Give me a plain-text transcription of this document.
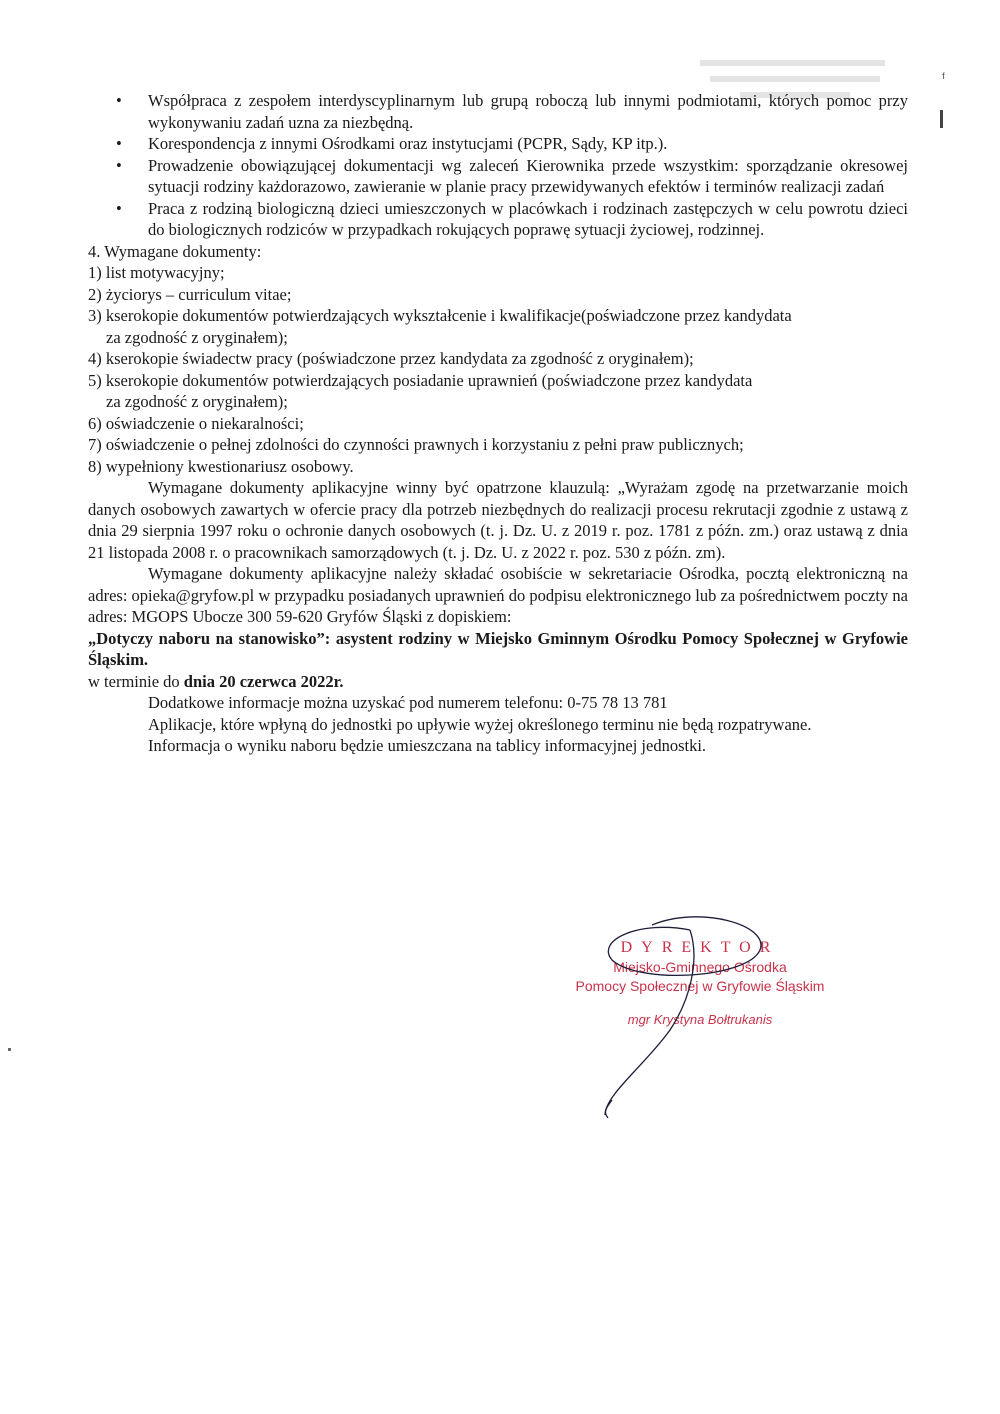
ᶠ
• Współpraca z zespołem interdyscyplinarnym lub grupą roboczą lub innymi podmiotami, których pomoc przy wykonywaniu zadań uzna za niezbędną.
• Korespondencja z innymi Ośrodkami oraz instytucjami (PCPR, Sądy, KP itp.).
• Prowadzenie obowiązującej dokumentacji wg zaleceń Kierownika przede wszystkim: sporządzanie okresowej sytuacji rodziny każdorazowo, zawieranie w planie pracy przewidywanych efektów i terminów realizacji zadań
• Praca z rodziną biologiczną dzieci umieszczonych w placówkach i rodzinach zastępczych w celu powrotu dzieci do biologicznych rodziców w przypadkach rokujących poprawę sytuacji życiowej, rodzinnej.

4. Wymagane dokumenty:

1) list motywacyjny;
2) życiorys – curriculum vitae;
3) kserokopie dokumentów potwierdzających wykształcenie i kwalifikacje(poświadczone przez kandydata za zgodność z oryginałem);
4) kserokopie świadectw pracy (poświadczone przez kandydata za zgodność z oryginałem);
5) kserokopie dokumentów potwierdzających posiadanie uprawnień (poświadczone przez kandydata za zgodność z oryginałem);
6) oświadczenie o niekaralności;
7) oświadczenie o pełnej zdolności do czynności prawnych i korzystaniu z pełni praw publicznych;
8) wypełniony kwestionariusz osobowy.

Wymagane dokumenty aplikacyjne winny być opatrzone klauzulą: „Wyrażam zgodę na przetwarzanie moich danych osobowych zawartych w ofercie pracy dla potrzeb niezbędnych do realizacji procesu rekrutacji zgodnie z ustawą z dnia 29 sierpnia 1997 roku o ochronie danych osobowych (t. j. Dz. U. z 2019 r. poz. 1781 z późn. zm.) oraz ustawą z dnia 21 listopada 2008 r. o pracownikach samorządowych (t. j. Dz. U. z 2022 r. poz. 530 z późn. zm).

Wymagane dokumenty aplikacyjne należy składać osobiście w sekretariacie Ośrodka, pocztą elektroniczną na adres: opieka@gryfow.pl w przypadku posiadanych uprawnień do podpisu elektronicznego lub za pośrednictwem poczty na adres: MGOPS Ubocze 300 59-620 Gryfów Śląski z dopiskiem:

„Dotyczy naboru na stanowisko”: asystent rodziny w Miejsko Gminnym Ośrodku Pomocy Społecznej w Gryfowie Śląskim.

w terminie do dnia 20 czerwca 2022r.

Dodatkowe informacje można uzyskać pod numerem telefonu: 0-75 78 13 781

Aplikacje, które wpłyną do jednostki po upływie wyżej określonego terminu nie będą rozpatrywane.

Informacja o wyniku naboru będzie umieszczana na tablicy informacyjnej jednostki.

DYREKTOR
Miejsko-Gminnego Ośrodka
Pomocy Społecznej w Gryfowie Śląskim
mgr Krystyna Bołtrukanis
